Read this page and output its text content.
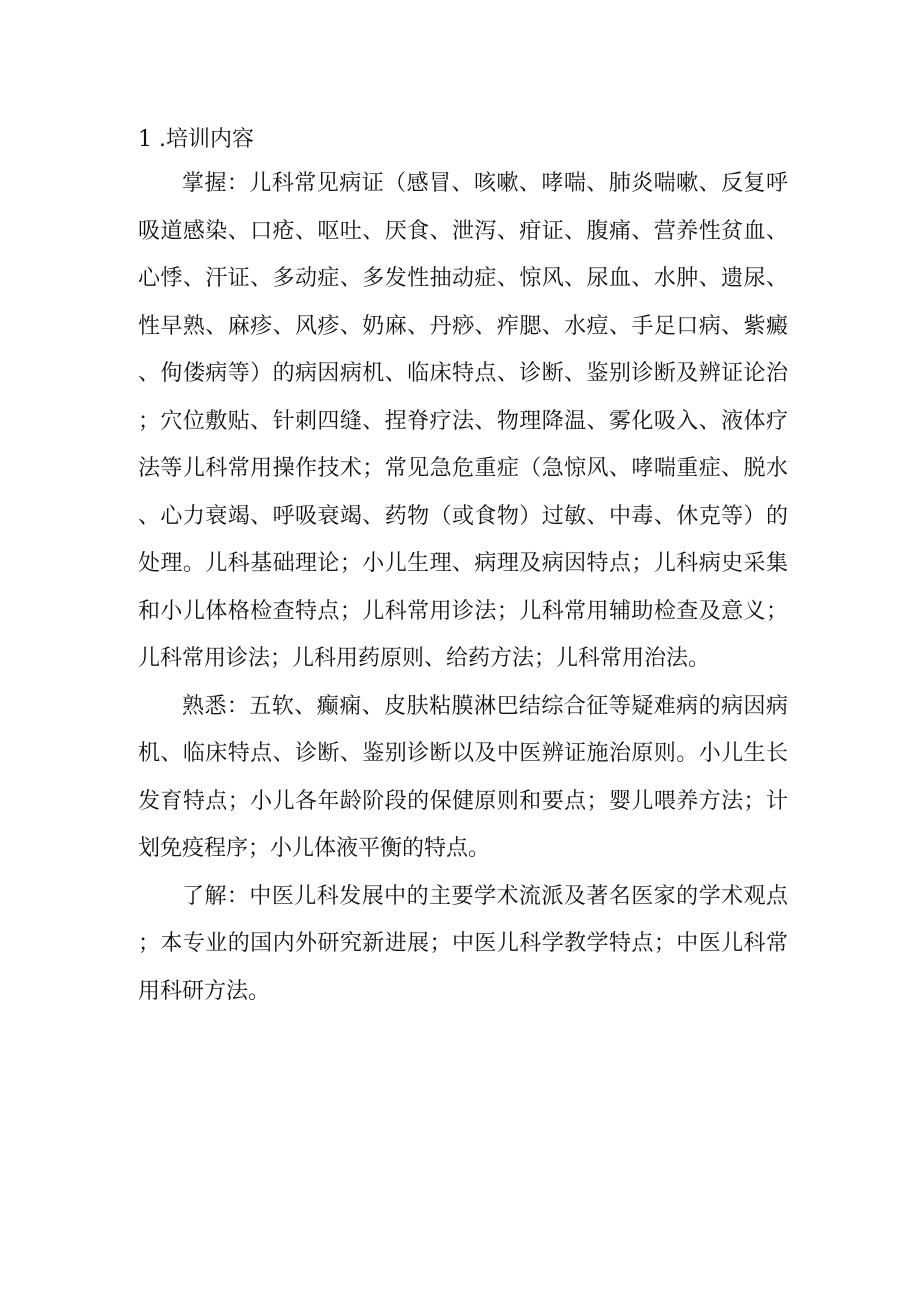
1 .培训内容

掌握：儿科常见病证（感冒、咳嗽、哮喘、肺炎喘嗽、反复呼吸道感染、口疮、呕吐、厌食、泄泻、疳证、腹痛、营养性贫血、心悸、汗证、多动症、多发性抽动症、惊风、尿血、水肿、遗尿、性早熟、麻疹、风疹、奶麻、丹痧、痄腮、水痘、手足口病、紫癜、佝偻病等）的病因病机、临床特点、诊断、鉴别诊断及辨证论治；穴位敷贴、针刺四缝、捏脊疗法、物理降温、雾化吸入、液体疗法等儿科常用操作技术；常见急危重症（急惊风、哮喘重症、脱水、心力衰竭、呼吸衰竭、药物（或食物）过敏、中毒、休克等）的处理。儿科基础理论；小儿生理、病理及病因特点；儿科病史采集和小儿体格检查特点；儿科常用诊法；儿科常用辅助检查及意义；儿科常用诊法；儿科用药原则、给药方法；儿科常用治法。

熟悉：五软、癫痫、皮肤粘膜淋巴结综合征等疑难病的病因病机、临床特点、诊断、鉴别诊断以及中医辨证施治原则。小儿生长发育特点；小儿各年龄阶段的保健原则和要点；婴儿喂养方法；计划免疫程序；小儿体液平衡的特点。

了解：中医儿科发展中的主要学术流派及著名医家的学术观点；本专业的国内外研究新进展；中医儿科学教学特点；中医儿科常用科研方法。
